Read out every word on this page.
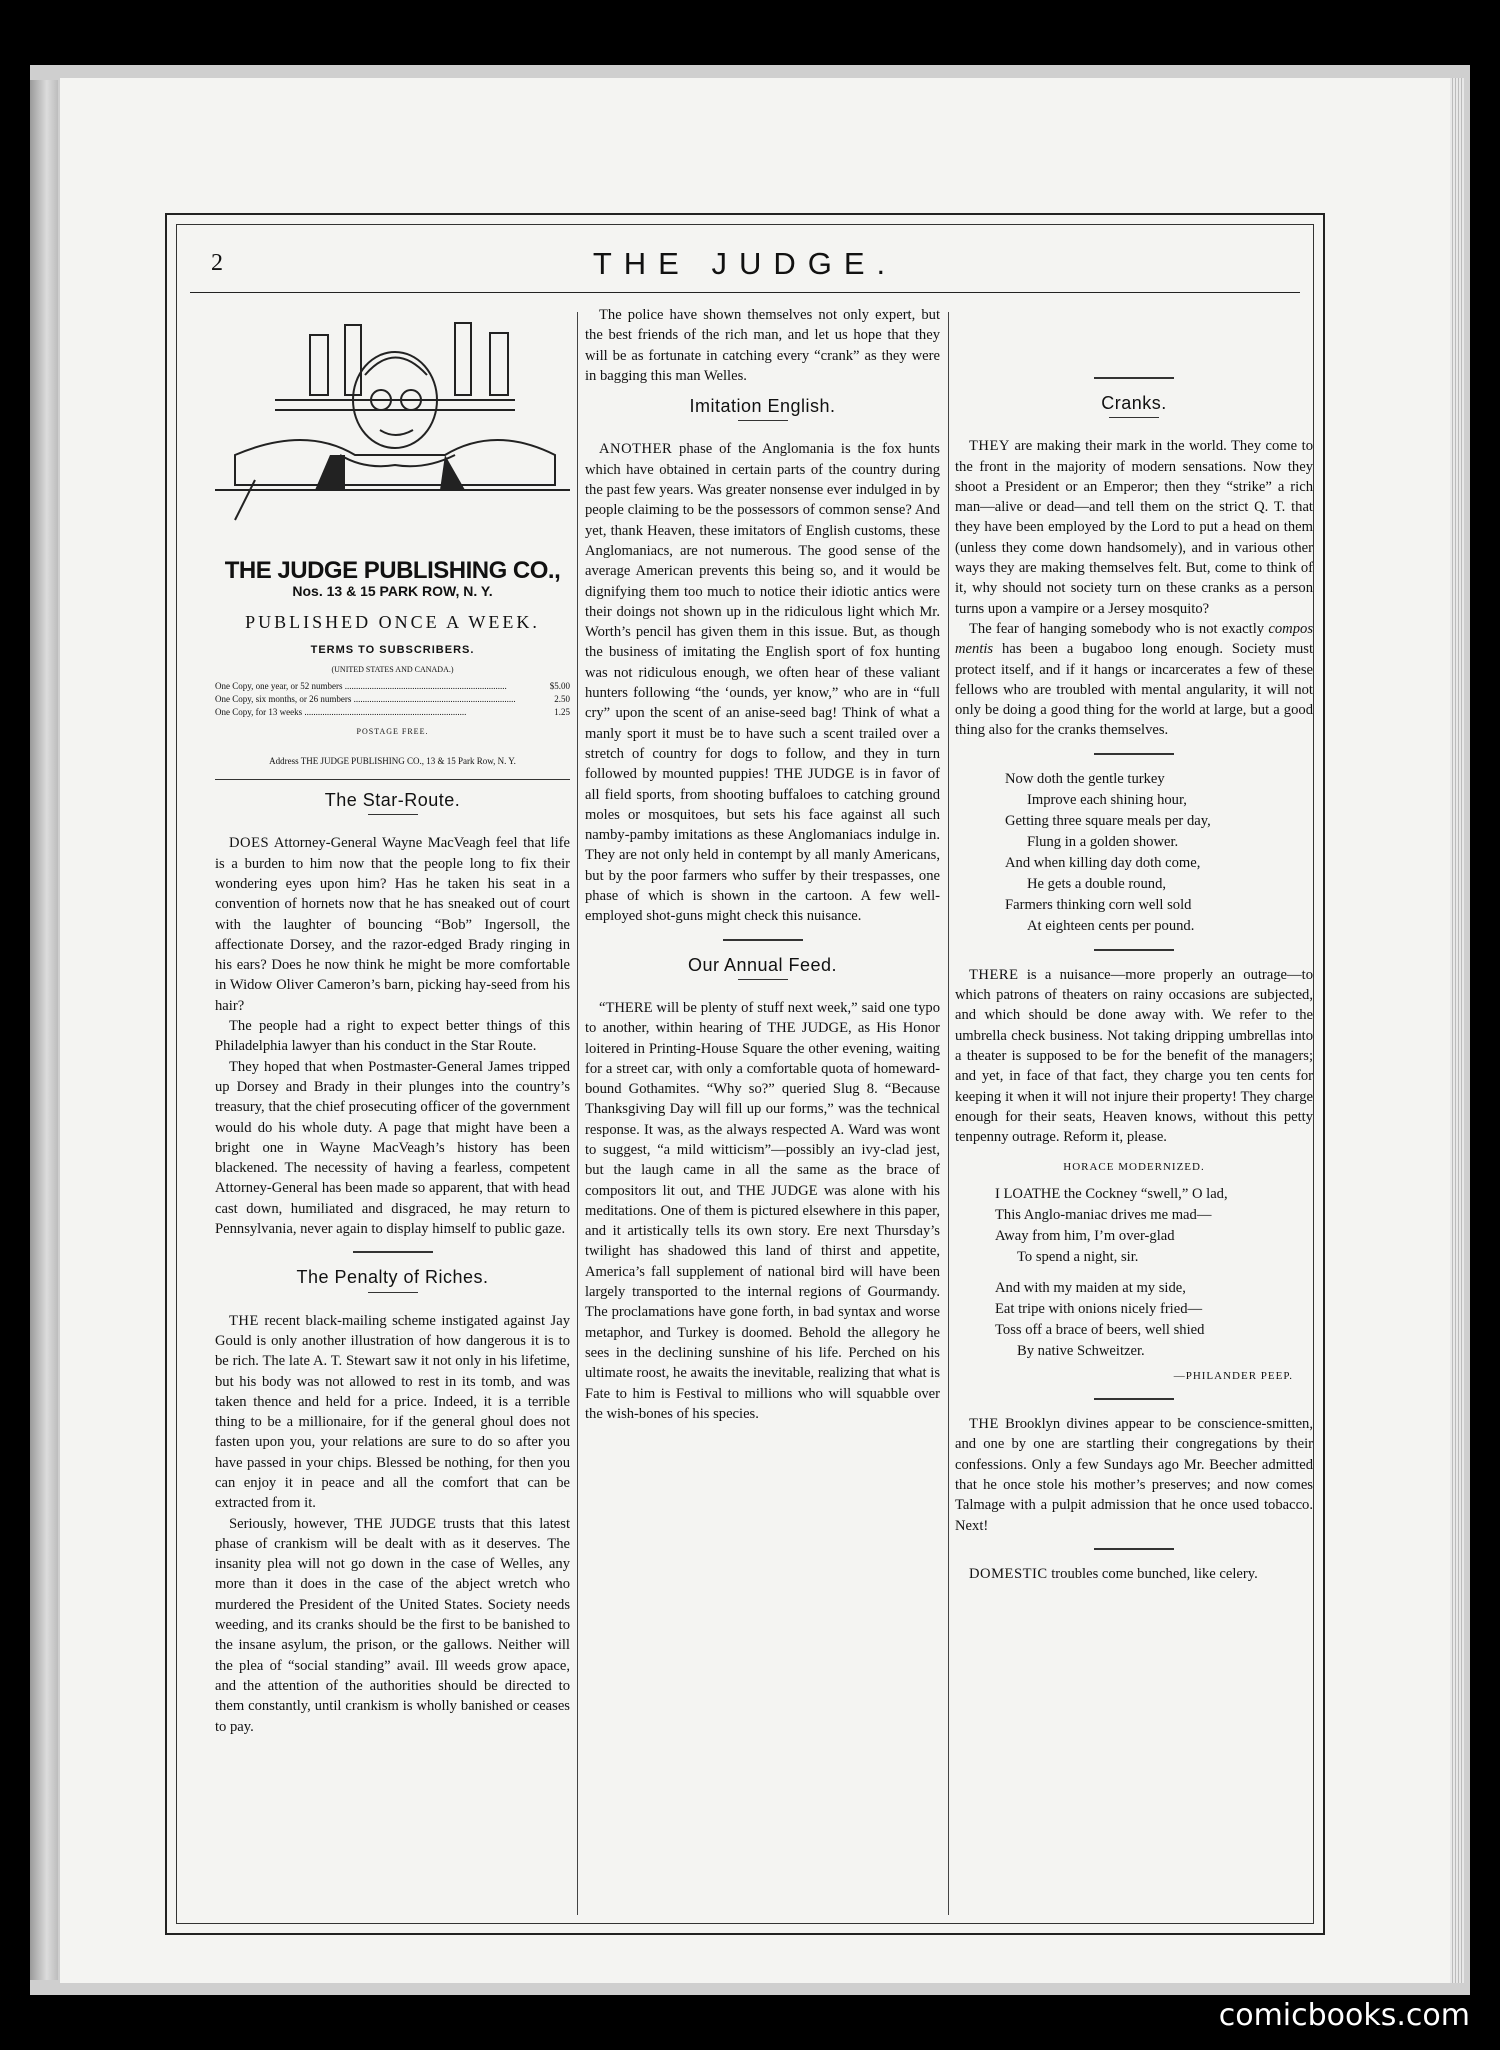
2	THE JUDGE.
THE JUDGE PUBLISHING CO.,
Nos. 13 & 15 PARK ROW, N. Y.
PUBLISHED ONCE A WEEK.
TERMS TO SUBSCRIBERS.
(UNITED STATES AND CANADA.)
One Copy, one year, or 52 numbers .....	$5.00
One Copy, six months, or 26 numbers .....	2.50
One Copy, for 13 weeks .....	1.25
POSTAGE FREE.
Address THE JUDGE PUBLISHING CO., 13 & 15 Park Row, N. Y.
The Star-Route.

DOES Attorney-General Wayne MacVeagh feel that life is a burden to him now that the people long to fix their wondering eyes upon him? Has he taken his seat in a convention of hornets now that he has sneaked out of court with the laughter of bouncing “Bob” Ingersoll, the affectionate Dorsey, and the razor-edged Brady ringing in his ears? Does he now think he might be more comfortable in Widow Oliver Cameron’s barn, picking hay-seed from his hair?

The people had a right to expect better things of this Philadelphia lawyer than his conduct in the Star Route.

They hoped that when Postmaster-General James tripped up Dorsey and Brady in their plunges into the country’s treasury, that the chief prosecuting officer of the government would do his whole duty. A page that might have been a bright one in Wayne MacVeagh’s history has been blackened. The necessity of having a fearless, competent Attorney-General has been made so apparent, that with head cast down, humiliated and disgraced, he may return to Pennsylvania, never again to display himself to public gaze.

The Penalty of Riches.

THE recent black-mailing scheme instigated against Jay Gould is only another illustration of how dangerous it is to be rich. The late A. T. Stewart saw it not only in his lifetime, but his body was not allowed to rest in its tomb, and was taken thence and held for a price. Indeed, it is a terrible thing to be a millionaire, for if the general ghoul does not fasten upon you, your relations are sure to do so after you have passed in your chips. Blessed be nothing, for then you can enjoy it in peace and all the comfort that can be extracted from it.

Seriously, however, THE JUDGE trusts that this latest phase of crankism will be dealt with as it deserves. The insanity plea will not go down in the case of Welles, any more than it does in the case of the abject wretch who murdered the President of the United States. Society needs weeding, and its cranks should be the first to be banished to the insane asylum, the prison, or the gallows. Neither will the plea of “social standing” avail. Ill weeds grow apace, and the attention of the authorities should be directed to them constantly, until crankism is wholly banished or ceases to pay.

The police have shown themselves not only expert, but the best friends of the rich man, and let us hope that they will be as fortunate in catching every “crank” as they were in bagging this man Welles.

Imitation English.

ANOTHER phase of the Anglomania is the fox hunts which have obtained in certain parts of the country during the past few years. Was greater nonsense ever indulged in by people claiming to be the possessors of common sense? And yet, thank Heaven, these imitators of English customs, these Anglomaniacs, are not numerous. The good sense of the average American prevents this being so, and it would be dignifying them too much to notice their idiotic antics were their doings not shown up in the ridiculous light which Mr. Worth’s pencil has given them in this issue. But, as though the business of imitating the English sport of fox hunting was not ridiculous enough, we often hear of these valiant hunters following “the ‘ounds, yer know,” who are in “full cry” upon the scent of an anise-seed bag! Think of what a manly sport it must be to have such a scent trailed over a stretch of country for dogs to follow, and they in turn followed by mounted puppies! THE JUDGE is in favor of all field sports, from shooting buffaloes to catching ground moles or mosquitoes, but sets his face against all such namby-pamby imitations as these Anglomaniacs indulge in. They are not only held in contempt by all manly Americans, but by the poor farmers who suffer by their trespasses, one phase of which is shown in the cartoon. A few well-employed shot-guns might check this nuisance.

Our Annual Feed.

“THERE will be plenty of stuff next week,” said one typo to another, within hearing of THE JUDGE, as His Honor loitered in Printing-House Square the other evening, waiting for a street car, with only a comfortable quota of homeward-bound Gothamites. “Why so?” queried Slug 8. “Because Thanksgiving Day will fill up our forms,” was the technical response. It was, as the always respected A. Ward was wont to suggest, “a mild witticism”—possibly an ivy-clad jest, but the laugh came in all the same as the brace of compositors lit out, and THE JUDGE was alone with his meditations. One of them is pictured elsewhere in this paper, and it artistically tells its own story. Ere next Thursday’s twilight has shadowed this land of thirst and appetite, America’s fall supplement of national bird will have been largely transported to the internal regions of Gourmandy. The proclamations have gone forth, in bad syntax and worse metaphor, and Turkey is doomed. Behold the allegory he sees in the declining sunshine of his life. Perched on his ultimate roost, he awaits the inevitable, realizing that what is Fate to him is Festival to millions who will squabble over the wish-bones of his species.

Cranks.

THEY are making their mark in the world. They come to the front in the majority of modern sensations. Now they shoot a President or an Emperor; then they “strike” a rich man—alive or dead—and tell them on the strict Q. T. that they have been employed by the Lord to put a head on them (unless they come down handsomely), and in various other ways they are making themselves felt. But, come to think of it, why should not society turn on these cranks as a person turns upon a vampire or a Jersey mosquito?

The fear of hanging somebody who is not exactly compos mentis has been a bugaboo long enough. Society must protect itself, and if it hangs or incarcerates a few of these fellows who are troubled with mental angularity, it will not only be doing a good thing for the world at large, but a good thing also for the cranks themselves.

Now doth the gentle turkey
Improve each shining hour,
Getting three square meals per day,
Flung in a golden shower.
And when killing day doth come,
He gets a double round,
Farmers thinking corn well sold
At eighteen cents per pound.

THERE is a nuisance—more properly an outrage—to which patrons of theaters on rainy occasions are subjected, and which should be done away with. We refer to the umbrella check business. Not taking dripping umbrellas into a theater is supposed to be for the benefit of the managers; and yet, in face of that fact, they charge you ten cents for keeping it when it will not injure their property! They charge enough for their seats, Heaven knows, without this petty tenpenny outrage. Reform it, please.

HORACE MODERNIZED.
I LOATHE the Cockney “swell,” O lad,
This Anglo-maniac drives me mad—
Away from him, I’m over-glad
To spend a night, sir.
And with my maiden at my side,
Eat tripe with onions nicely fried—
Toss off a brace of beers, well shied
By native Schweitzer.
—PHILANDER PEEP.

THE Brooklyn divines appear to be conscience-smitten, and one by one are startling their congregations by their confessions. Only a few Sundays ago Mr. Beecher admitted that he once stole his mother’s preserves; and now comes Talmage with a pulpit admission that he once used tobacco. Next!

DOMESTIC troubles come bunched, like celery.

comicbooks.com
